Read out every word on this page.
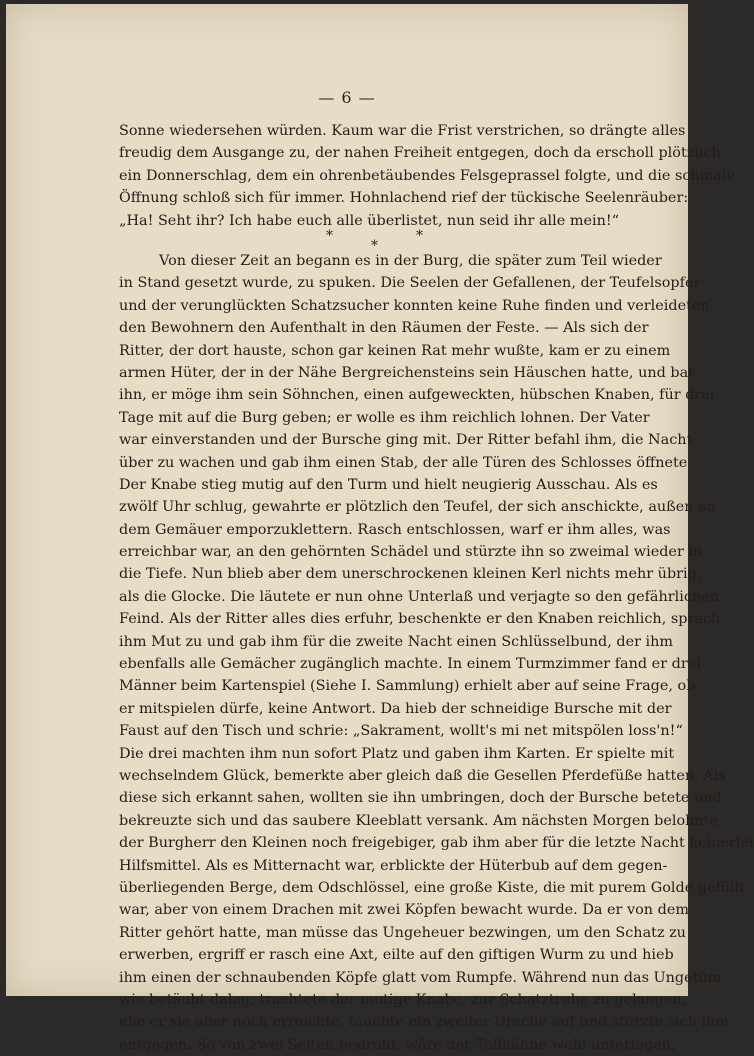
— 6 —
Sonne wiedersehen würden. Kaum war die Frist verstrichen, so drängte alles
freudig dem Ausgange zu, der nahen Freiheit entgegen, doch da erscholl plötzlich
ein Donnerschlag, dem ein ohrenbetäubendes Felsgeprassel folgte, und die schmale
Öffnung schloß sich für immer. Hohnlachend rief der tückische Seelenräuber:
„Ha! Seht ihr? Ich habe euch alle überlistet, nun seid ihr alle mein!“
*	*
*
Von dieser Zeit an begann es in der Burg, die später zum Teil wieder
in Stand gesetzt wurde, zu spuken. Die Seelen der Gefallenen, der Teufelsopfer
und der verunglückten Schatzsucher konnten keine Ruhe finden und verleideten
den Bewohnern den Aufenthalt in den Räumen der Feste. — Als sich der
Ritter, der dort hauste, schon gar keinen Rat mehr wußte, kam er zu einem
armen Hüter, der in der Nähe Bergreichensteins sein Häuschen hatte, und bat
ihn, er möge ihm sein Söhnchen, einen aufgeweckten, hübschen Knaben, für drei
Tage mit auf die Burg geben; er wolle es ihm reichlich lohnen. Der Vater
war einverstanden und der Bursche ging mit. Der Ritter befahl ihm, die Nacht
über zu wachen und gab ihm einen Stab, der alle Türen des Schlosses öffnete.
Der Knabe stieg mutig auf den Turm und hielt neugierig Ausschau. Als es
zwölf Uhr schlug, gewahrte er plötzlich den Teufel, der sich anschickte, außen an
dem Gemäuer emporzuklettern. Rasch entschlossen, warf er ihm alles, was
erreichbar war, an den gehörnten Schädel und stürzte ihn so zweimal wieder in
die Tiefe. Nun blieb aber dem unerschrockenen kleinen Kerl nichts mehr übrig,
als die Glocke. Die läutete er nun ohne Unterlaß und verjagte so den gefährlichen
Feind. Als der Ritter alles dies erfuhr, beschenkte er den Knaben reichlich, sprach
ihm Mut zu und gab ihm für die zweite Nacht einen Schlüsselbund, der ihm
ebenfalls alle Gemächer zugänglich machte. In einem Turmzimmer fand er drei
Männer beim Kartenspiel (Siehe I. Sammlung) erhielt aber auf seine Frage, ob
er mitspielen dürfe, keine Antwort. Da hieb der schneidige Bursche mit der
Faust auf den Tisch und schrie: „Sakrament, wollt's mi net mitspölen loss'n!“
Die drei machten ihm nun sofort Platz und gaben ihm Karten. Er spielte mit
wechselndem Glück, bemerkte aber gleich daß die Gesellen Pferdefüße hatten. Als
diese sich erkannt sahen, wollten sie ihn umbringen, doch der Bursche betete und
bekreuzte sich und das saubere Kleeblatt versank. Am nächsten Morgen belohnte
der Burgherr den Kleinen noch freigebiger, gab ihm aber für die letzte Nacht keinerlei
Hilfsmittel. Als es Mitternacht war, erblickte der Hüterbub auf dem gegen-
überliegenden Berge, dem Odschlössel, eine große Kiste, die mit purem Golde gefüllt
war, aber von einem Drachen mit zwei Köpfen bewacht wurde. Da er von dem
Ritter gehört hatte, man müsse das Ungeheuer bezwingen, um den Schatz zu
erwerben, ergriff er rasch eine Axt, eilte auf den giftigen Wurm zu und hieb
ihm einen der schnaubenden Köpfe glatt vom Rumpfe. Während nun das Ungetüm
wie betäubt dalag, trachtete der mutige Knabe, zur Schatztruhe zu gelangen,
ehe er sie aber noch erreichte, tauchte ein zweiter Drache auf und stürzte sich ihm
entgegen. So von zwei Seiten bedroht, wäre der Tollkühne wohl unterlegen,
